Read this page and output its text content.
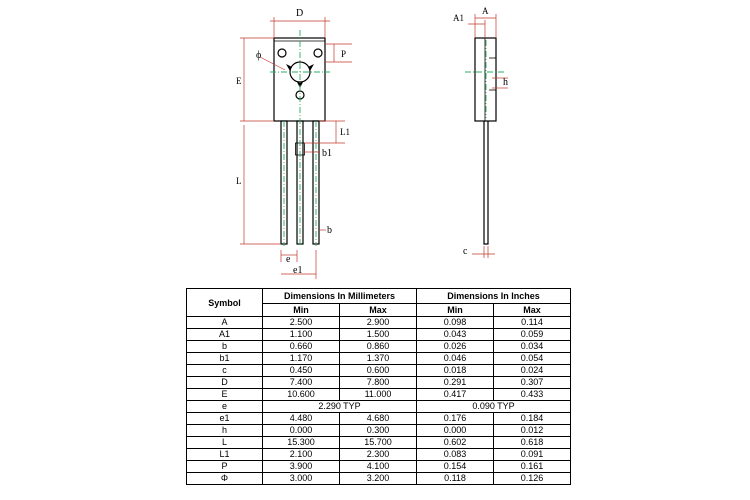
D
ϕ	P
E
L1
b1
L
b
e
e1
A1
A
h
c
Symbol	Dimensions In Millimeters		Dimensions In Inches	
	Min	Max	Min	Max
A	2.500	2.900	0.098	0.114
A1	1.100	1.500	0.043	0.059
b	0.660	0.860	0.026	0.034
b1	1.170	1.370	0.046	0.054
c	0.450	0.600	0.018	0.024
D	7.400	7.800	0.291	0.307
E	10.600	11.000	0.417	0.433
e	2.290 TYP		0.090 TYP	
e1	4.480	4.680	0.176	0.184
h	0.000	0.300	0.000	0.012
L	15.300	15.700	0.602	0.618
L1	2.100	2.300	0.083	0.091
P	3.900	4.100	0.154	0.161
Φ	3.000	3.200	0.118	0.126
